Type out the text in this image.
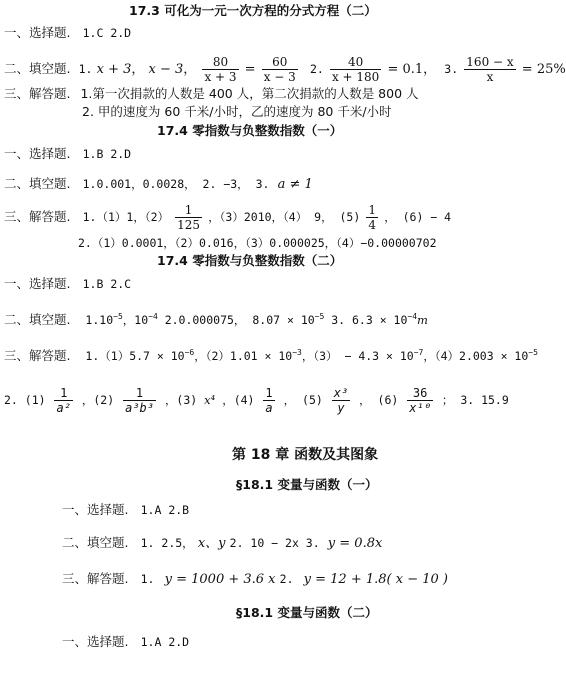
17.3 可化为一元一次方程的分式方程（二）
一、选择题. 1.C 2.D
二、填空题. 1. x + 3， x − 3， $\frac{80}{x + 3} = \frac{60}{x - 3} 2$. $\frac{40}{x + 180} = 0.1$， 3. $\frac{160 - x}{x} = 25\%$
三、解答题. 1.第一次捐款的人数是 400 人，第二次捐款的人数是 800 人
2. 甲的速度为 60 千米/小时，乙的速度为 80 千米/小时
17.4 零指数与负整数指数（一）
一、选择题. 1.B 2.D
二、填空题. 1.0.001，0.0028， 2. −3， 3. a ≠ 1
三、解答题. 1.（1）1，$(2) \frac{1}{125}$ ，（3）2010，（4） 9， $(5) \frac{1}{4}$ ， (6) − 4
2.（1）0.0001，（2）0.016，（3）0.000025，（4）−0.00000702
17.4 零指数与负整数指数（二）
一、选择题. 1.B 2.C
二、填空题. $1.10^{-5}$，$10^{-4}$ 2.0.000075， $8.07 \times 10^{-5}$ 3. $6.3 \times 10^{-4}m$
三、解答题. $1.(1)5.7 \times 10^{-6}$，$(2)1.01 \times 10^{-3}$，$(3) - 4.3 \times 10^{-7}$，$(4)2.003 \times 10^{-5}$
2. $(1) \frac{1}{\text{a²}}$ ，$(2) \frac{1}{\text{a³b³}}$ ，(3) x⁴ ，$(4) \frac{1}{a}$ ， $(5) \frac{\text{x³}}{y}$ ， $(6) \frac{36}{\text{x¹⁰}}$ ； 3. 15.9
第 18 章 函数及其图象
§18.1 变量与函数（一）
一、选择题. 1.A 2.B
二、填空题. 1. 2.5， x、y 2. 10 − 2x 3. y = 0.8x
三、解答题. 1. y = 1000 + 3.6 x 2. y = 12 + 1.8( x − 10 )
§18.1 变量与函数（二）
一、选择题. 1.A 2.D
